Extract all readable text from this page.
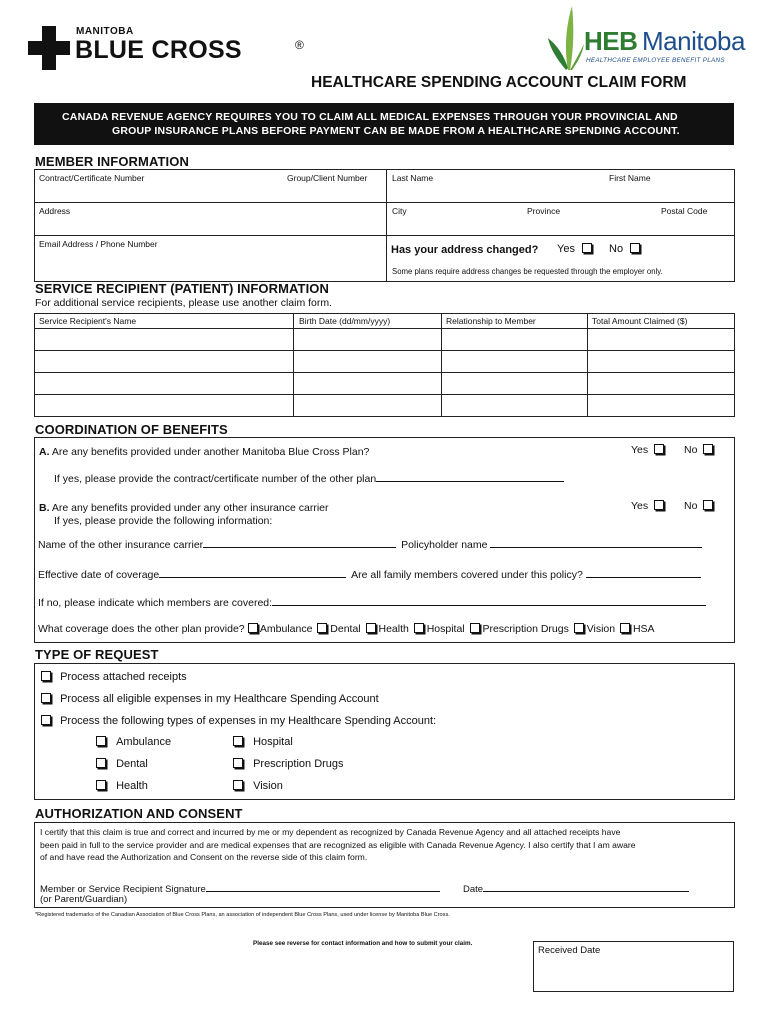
MANITOBA
BLUE CROSS	®	HEB Manitoba
HEALTHCARE EMPLOYEE BENEFIT PLANS
HEALTHCARE SPENDING ACCOUNT CLAIM FORM
CANADA REVENUE AGENCY REQUIRES YOU TO CLAIM ALL MEDICAL EXPENSES THROUGH YOUR PROVINCIAL AND
GROUP INSURANCE PLANS BEFORE PAYMENT CAN BE MADE FROM A HEALTHCARE SPENDING ACCOUNT.
MEMBER INFORMATION
Contract/Certificate Number	Group/Client Number	Last Name	First Name
Address	City	Province	Postal Code
Email Address / Phone Number	Has your address changed? Yes	No
Some plans require address changes be requested through the employer only.
SERVICE RECIPIENT (PATIENT) INFORMATION
For additional service recipients, please use another claim form.
Service Recipient's Name	Birth Date (dd/mm/yyyy)	Relationship to Member	Total Amount Claimed ($)
COORDINATION OF BENEFITS
A. Are any benefits provided under another Manitoba Blue Cross Plan?	Yes	No
If yes, please provide the contract/certificate number of the other plan
B. Are any benefits provided under any other insurance carrier	Yes	No
If yes, please provide the following information:
Name of the other insurance carrier	Policyholder name
Effective date of coverage	Are all family members covered under this policy?
If no, please indicate which members are covered:
What coverage does the other plan provide? Ambulance Dental Health Hospital Prescription Drugs Vision HSA
TYPE OF REQUEST
Process attached receipts
Process all eligible expenses in my Healthcare Spending Account
Process the following types of expenses in my Healthcare Spending Account:
Ambulance	Hospital
Dental	Prescription Drugs
Health	Vision
AUTHORIZATION AND CONSENT
I certify that this claim is true and correct and incurred by me or my dependent as recognized by Canada Revenue Agency and all attached receipts have
been paid in full to the service provider and are medical expenses that are recognized as eligible with Canada Revenue Agency. I also certify that I am aware
of and have read the Authorization and Consent on the reverse side of this claim form.
Member or Service Recipient Signature
(or Parent/Guardian)
Date
*Registered trademarks of the Canadian Association of Blue Cross Plans, an association of independent Blue Cross Plans, used under license by Manitoba Blue Cross.
Please see reverse for contact information and how to submit your claim.
Received Date
